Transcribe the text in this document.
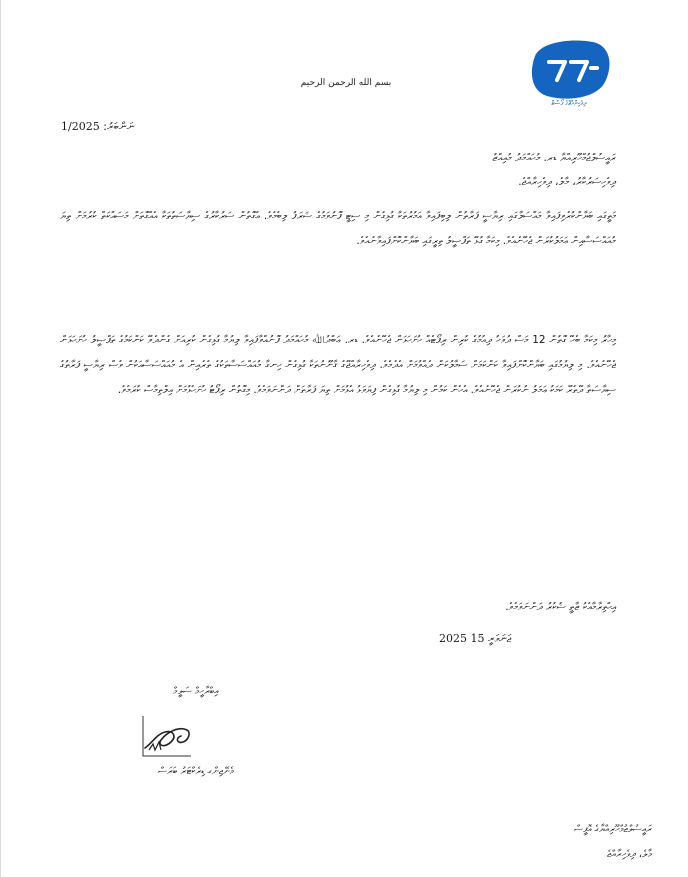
ދިވެހިރާއްޖޭގެ ޕޯސްޓް
بسم الله الرحمن الرحيم
ނަންބަރު: 1/2025
ރައީސުލްޖުމްހޫރިއްޔާ ޑރ. މުޙައްމަދު މުއިއްޒު
ދިވެހިސަރުކާރު، މާލެ، ދިވެހިރާއްޖެ.
މަތީގައި ބަޔާންކުރެވިފައިވާ މައްސަލާގައި ރިޔާސީ ފަރާތުން ލިބިފައިވާ އަމުރުތަކާ ގުޅިގެން މި ސިޓީ ފޮނުވަމުގެ ޝަރަފު ލިބެމެވެ. އެގޮތުން ސަރުކާރުގެ ސިޔާސަތުތަކާ އެއްގޮތަށް މަސައްކަތް ކުރުމަށް ތިޔަ މުއައްސަސާއިން ޢަމަލުކުރަން ޖެހޭނެއެވެ. މިކަމާ ގުޅޭ ތަފްޞީލު ތިރީގައި ބަޔާންކޮށްފައިވާނެއެވެ.
މިހާރު މިކަމާ ބެހޭ ގޮތުން 12 މަސް ދުވަހު ދިއުމުގެ ކުރިން ރިޕޯޓެއް ހުށަހަޅަން ޖެހޭނެއެވެ. ޑރ. ޢަބްދުﷲ މުޙައްމަދު ފޮނުއްވާފައިވާ ލިޔުމާ ގުޅިގެން ކުރިއަށް ގެންދެވޭ ކަންކަމުގެ ތަފްޞީލު ހުށަހަޅަން ޖެހޭނެއެވެ. މި ލިޔުމުގައި ބަޔާންކޮށްފައިވާ ކަންކަމަށް ސަމާލުކަން ދެއްވުމަށް އެދެމެވެ. ދިވެހިރާއްޖޭގެ ޤާނޫނުތަކާ ގުޅިގެން ހިނގާ މުއައްސަސާތަކުގެ ތެރެއިން އެ މުއައްސަސާއަކުން ވެސް ރިޔާސީ ފަރާތުގެ ސިޔާސަތާ ދޭތެރޭ ކަމަކު ޢަމަލު ނުކުރަން ޖެހޭނެއެވެ. އެހެން ކަމުން މި ލިޔުމާ ގުޅިގެން ފިޔަވަޅު އެޅުމަށް ތިޔަ ފަރާތަށް ދަންނަވަމެވެ. މިގޮތުން ރިޕޯޓު ހުށަހެޅުމަށް އިލްތިމާސް ކުރަމެވެ.
އިޙްތިރާމާއެކު ޒާތީ ޝުކުރު ދަންނަވަމެވެ.
2025 ޖަނަވަރީ 15
އިބްރާހީމް ސަލީމް
މެނޭޖިންގ ޑިރެކްޓަރު ބަރަސް
ރައީސުލްޖުމްހޫރިއްޔާގެ އޮފީސް
މާލެ، ދިވެހިރާއްޖެ
